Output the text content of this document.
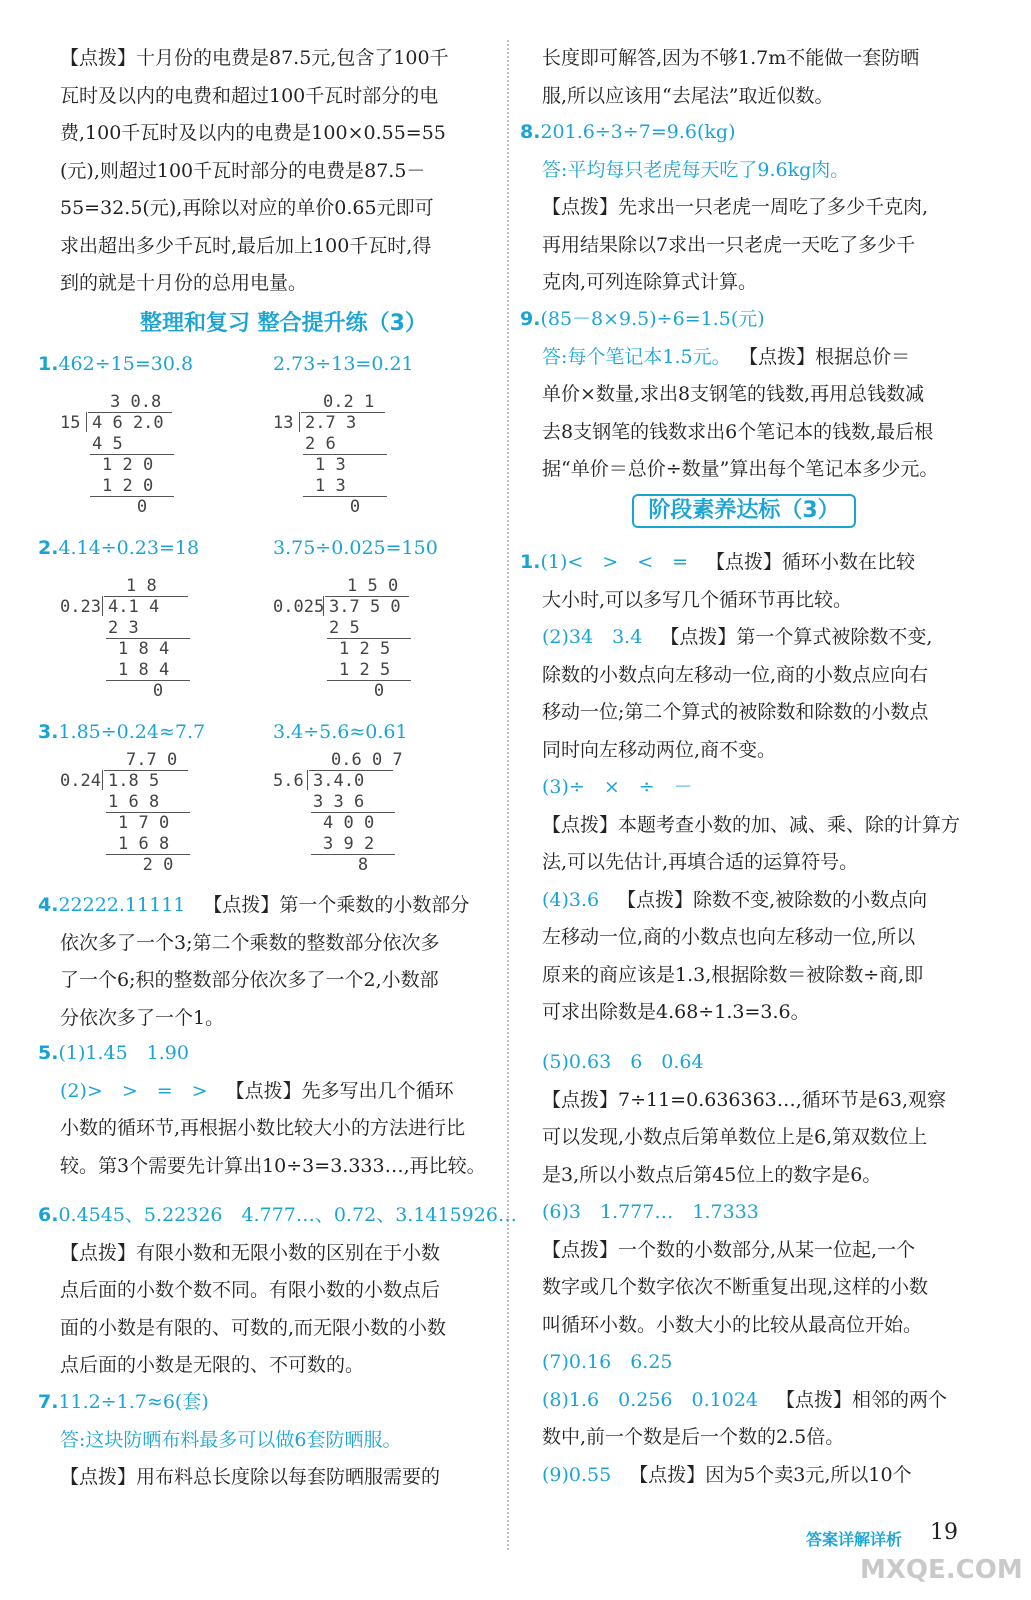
【点拨】十月份的电费是87.5元,包含了100千
瓦时及以内的电费和超过100千瓦时部分的电
费,100千瓦时及以内的电费是100×0.55=55
(元),则超过100千瓦时部分的电费是87.5－
55=32.5(元),再除以对应的单价0.65元即可
求出超出多少千瓦时,最后加上100千瓦时,得
到的就是十月份的总用电量。
整理和复习 整合提升练（3）
1.462÷15=30.8	2.73÷13=0.21
2.4.14÷0.23=18	3.75÷0.025=150
3.1.85÷0.24≈7.7	3.4÷5.6≈0.61
4.22222.11111 【点拨】第一个乘数的小数部分
依次多了一个3;第二个乘数的整数部分依次多
了一个6;积的整数部分依次多了一个2,小数部
分依次多了一个1。
5.(1)1.45　1.90
(2)>　>　=　> 【点拨】先多写出几个循环
小数的循环节,再根据小数比较大小的方法进行比
较。第3个需要先计算出10÷3=3.333…,再比较。
6.0.4545、5.22326　4.777…、0.72、3.1415926…
【点拨】有限小数和无限小数的区别在于小数
点后面的小数个数不同。有限小数的小数点后
面的小数是有限的、可数的,而无限小数的小数
点后面的小数是无限的、不可数的。
7.11.2÷1.7≈6(套)
答:这块防晒布料最多可以做6套防晒服。
【点拨】用布料总长度除以每套防晒服需要的
3 0.8
15 4 6 2.0
4 5
1 2 0
1 2 0
0
0.2 1
13 2.7 3
2 6
1 3
1 3
0
1 8
0.23 4.1 4
2 3
1 8 4
1 8 4
0
1 5 0
0.025 3.7 5 0
2 5
1 2 5
1 2 5
0
7.7 0
0.24 1.8 5
1 6 8
1 7 0
1 6 8
2 0
0.6 0 7
5.6 3.4.0
3 3 6
4 0 0
3 9 2
8
长度即可解答,因为不够1.7m不能做一套防晒
服,所以应该用“去尾法”取近似数。
8.201.6÷3÷7=9.6(kg)
答:平均每只老虎每天吃了9.6kg肉。
【点拨】先求出一只老虎一周吃了多少千克肉,
再用结果除以7求出一只老虎一天吃了多少千
克肉,可列连除算式计算。
9.(85－8×9.5)÷6=1.5(元)
答:每个笔记本1.5元。 【点拨】根据总价＝
单价×数量,求出8支钢笔的钱数,再用总钱数减
去8支钢笔的钱数求出6个笔记本的钱数,最后根
据“单价＝总价÷数量”算出每个笔记本多少元。
1.(1)<　>　<　= 【点拨】循环小数在比较
大小时,可以多写几个循环节再比较。
(2)34　3.4 【点拨】第一个算式被除数不变,
除数的小数点向左移动一位,商的小数点应向右
移动一位;第二个算式的被除数和除数的小数点
同时向左移动两位,商不变。
(3)÷　×　÷　－
【点拨】本题考查小数的加、减、乘、除的计算方
法,可以先估计,再填合适的运算符号。
(4)3.6 【点拨】除数不变,被除数的小数点向
左移动一位,商的小数点也向左移动一位,所以
原来的商应该是1.3,根据除数＝被除数÷商,即
可求出除数是4.68÷1.3=3.6。
(5)0.63　6　0.64
【点拨】7÷11=0.636363…,循环节是63,观察
可以发现,小数点后第单数位上是6,第双数位上
是3,所以小数点后第45位上的数字是6。
(6)3　1.777…　1.7333
【点拨】一个数的小数部分,从某一位起,一个
数字或几个数字依次不断重复出现,这样的小数
叫循环小数。小数大小的比较从最高位开始。
(7)0.16　6.25
(8)1.6　0.256　0.1024 【点拨】相邻的两个
数中,前一个数是后一个数的2.5倍。
(9)0.55 【点拨】因为5个卖3元,所以10个
阶段素养达标（3）
答案详解详析 19
MXQE.COM
